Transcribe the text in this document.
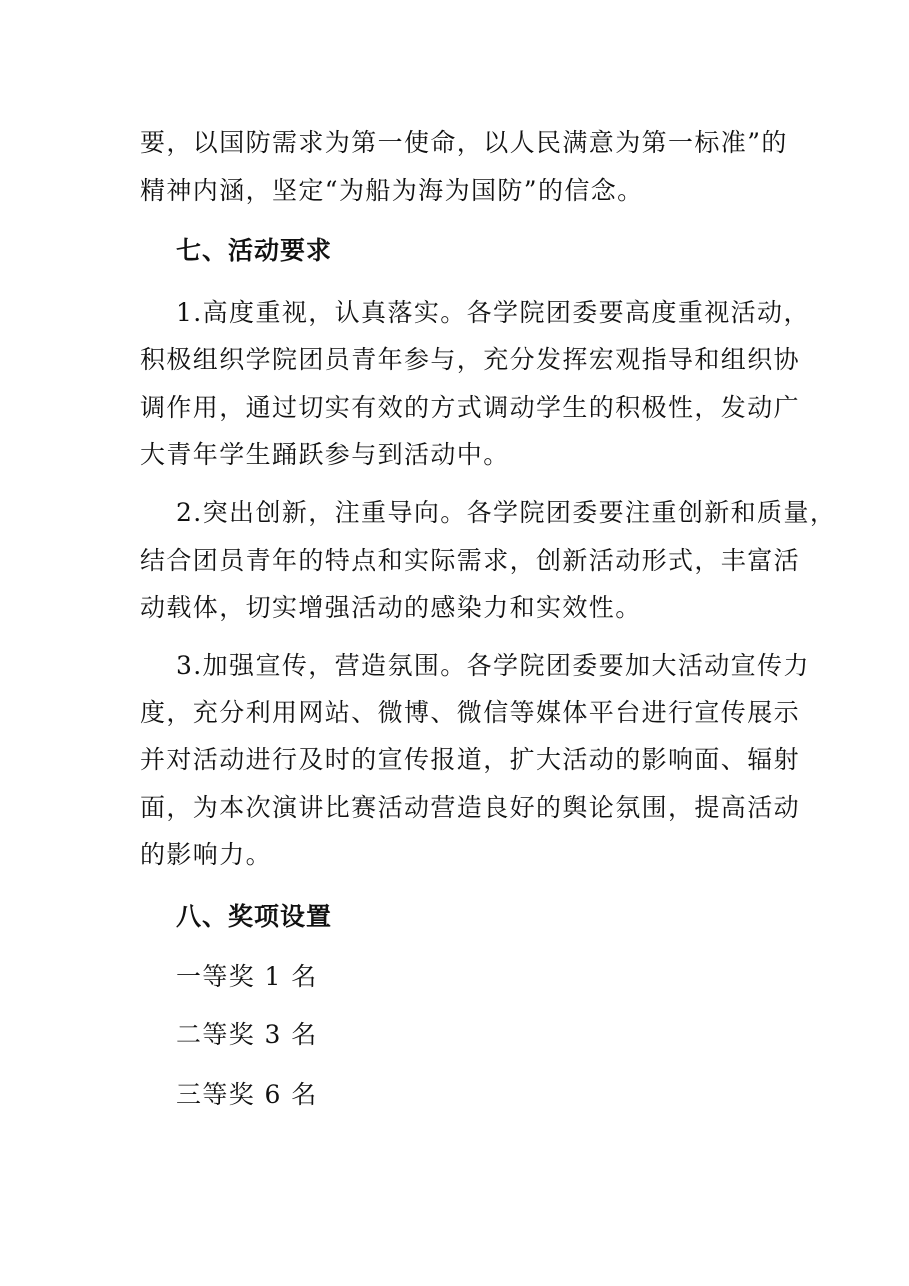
要，以国防需求为第一使命，以人民满意为第一标准”的
精神内涵，坚定“为船为海为国防”的信念。
七、活动要求
1.高度重视，认真落实。各学院团委要高度重视活动，
积极组织学院团员青年参与，充分发挥宏观指导和组织协
调作用，通过切实有效的方式调动学生的积极性，发动广
大青年学生踊跃参与到活动中。
2.突出创新，注重导向。各学院团委要注重创新和质量，
结合团员青年的特点和实际需求，创新活动形式，丰富活
动载体，切实增强活动的感染力和实效性。
3.加强宣传，营造氛围。各学院团委要加大活动宣传力
度，充分利用网站、微博、微信等媒体平台进行宣传展示
并对活动进行及时的宣传报道，扩大活动的影响面、辐射
面，为本次演讲比赛活动营造良好的舆论氛围，提高活动
的影响力。
八、奖项设置
一等奖 1 名
二等奖 3 名
三等奖 6 名
